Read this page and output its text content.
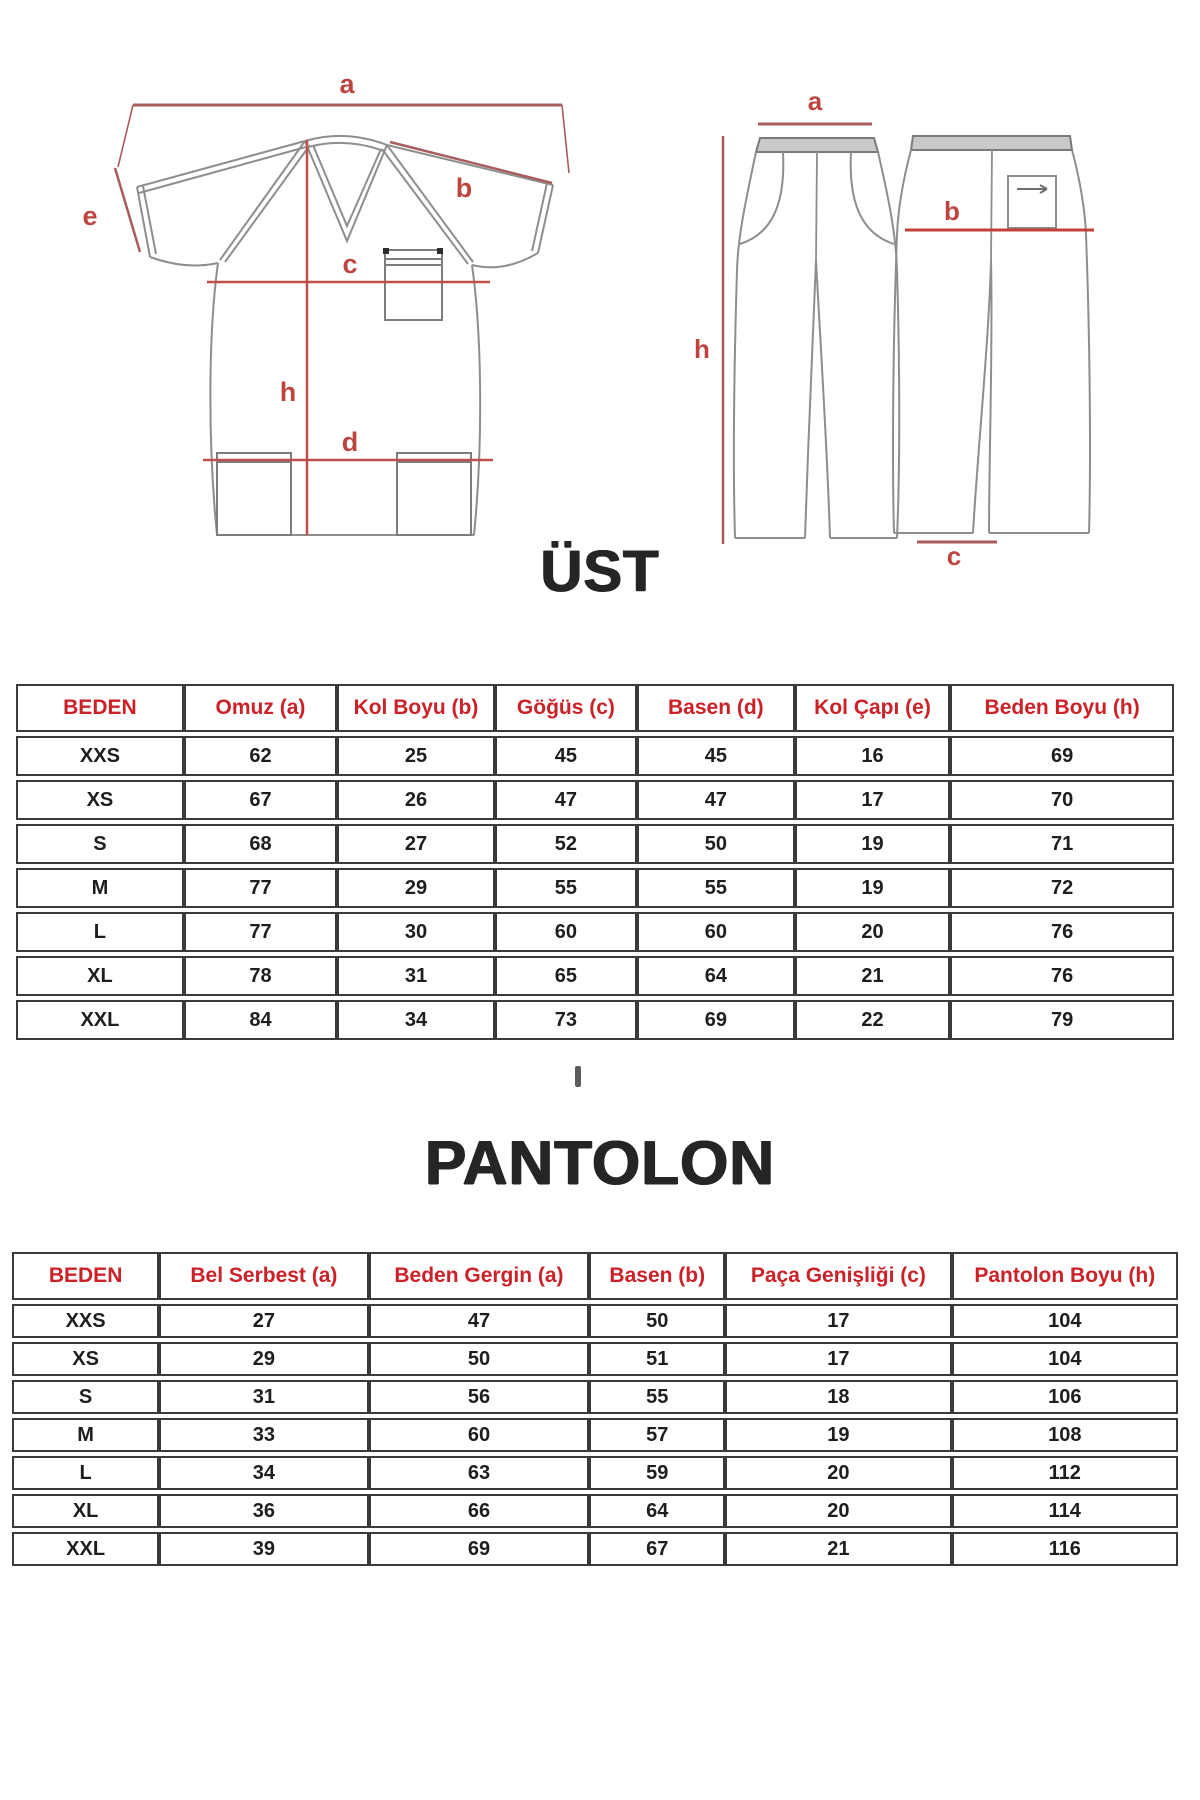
a
b
e
c
h
d
a
h
b
c
ÜST
BEDEN	Omuz (a)	Kol Boyu (b)	Göğüs (c)	Basen (d)	Kol Çapı (e)	Beden Boyu (h)
XXS	62	25	45	45	16	69
XS	67	26	47	47	17	70
S	68	27	52	50	19	71
M	77	29	55	55	19	72
L	77	30	60	60	20	76
XL	78	31	65	64	21	76
XXL	84	34	73	69	22	79
PANTOLON
BEDEN	Bel Serbest (a)	Beden Gergin (a)	Basen (b)	Paça Genişliği (c)	Pantolon Boyu (h)
XXS	27	47	50	17	104
XS	29	50	51	17	104
S	31	56	55	18	106
M	33	60	57	19	108
L	34	63	59	20	112
XL	36	66	64	20	114
XXL	39	69	67	21	116
